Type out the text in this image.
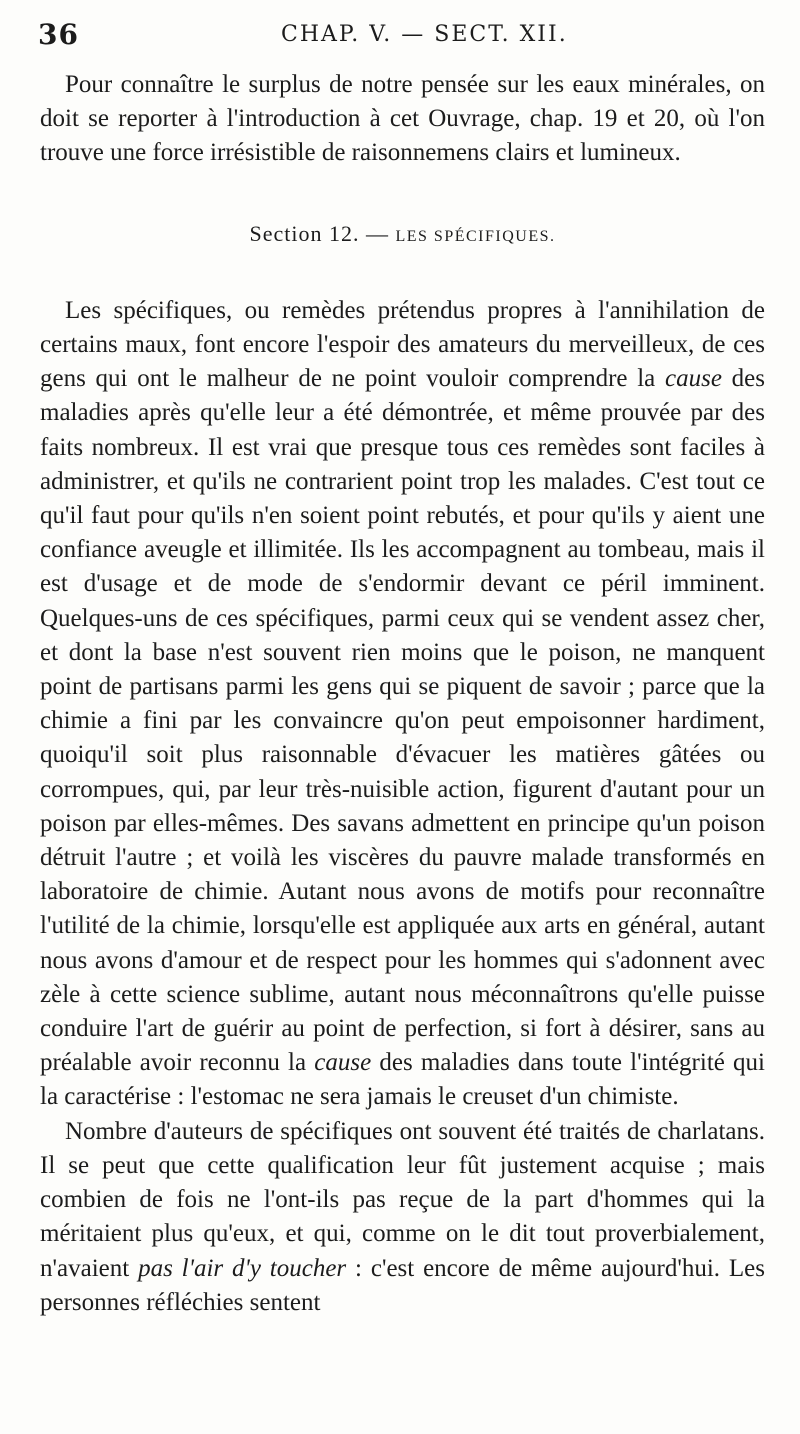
36	CHAP. V. — SECT. XII.

Pour connaître le surplus de notre pensée sur les eaux minérales, on doit se reporter à l'introduction à cet Ouvrage, chap. 19 et 20, où l'on trouve une force irrésistible de raisonnemens clairs et lumineux.

Section 12. — LES SPÉCIFIQUES.

Les spécifiques, ou remèdes prétendus propres à l'annihilation de certains maux, font encore l'espoir des amateurs du merveilleux, de ces gens qui ont le malheur de ne point vouloir comprendre la cause des maladies après qu'elle leur a été démontrée, et même prouvée par des faits nombreux. Il est vrai que presque tous ces remèdes sont faciles à administrer, et qu'ils ne contrarient point trop les malades. C'est tout ce qu'il faut pour qu'ils n'en soient point rebutés, et pour qu'ils y aient une confiance aveugle et illimitée. Ils les accompagnent au tombeau, mais il est d'usage et de mode de s'endormir devant ce péril imminent. Quelques-uns de ces spécifiques, parmi ceux qui se vendent assez cher, et dont la base n'est souvent rien moins que le poison, ne manquent point de partisans parmi les gens qui se piquent de savoir ; parce que la chimie a fini par les convaincre qu'on peut empoisonner hardiment, quoiqu'il soit plus raisonnable d'évacuer les matières gâtées ou corrompues, qui, par leur très-nuisible action, figurent d'autant pour un poison par elles-mêmes. Des savans admettent en principe qu'un poison détruit l'autre ; et voilà les viscères du pauvre malade transformés en laboratoire de chimie. Autant nous avons de motifs pour reconnaître l'utilité de la chimie, lorsqu'elle est appliquée aux arts en général, autant nous avons d'amour et de respect pour les hommes qui s'adonnent avec zèle à cette science sublime, autant nous méconnaîtrons qu'elle puisse conduire l'art de guérir au point de perfection, si fort à désirer, sans au préalable avoir reconnu la cause des maladies dans toute l'intégrité qui la caractérise : l'estomac ne sera jamais le creuset d'un chimiste.

Nombre d'auteurs de spécifiques ont souvent été traités de charlatans. Il se peut que cette qualification leur fût justement acquise ; mais combien de fois ne l'ont-ils pas reçue de la part d'hommes qui la méritaient plus qu'eux, et qui, comme on le dit tout proverbialement, n'avaient pas l'air d'y toucher : c'est encore de même aujourd'hui. Les personnes réfléchies sentent
